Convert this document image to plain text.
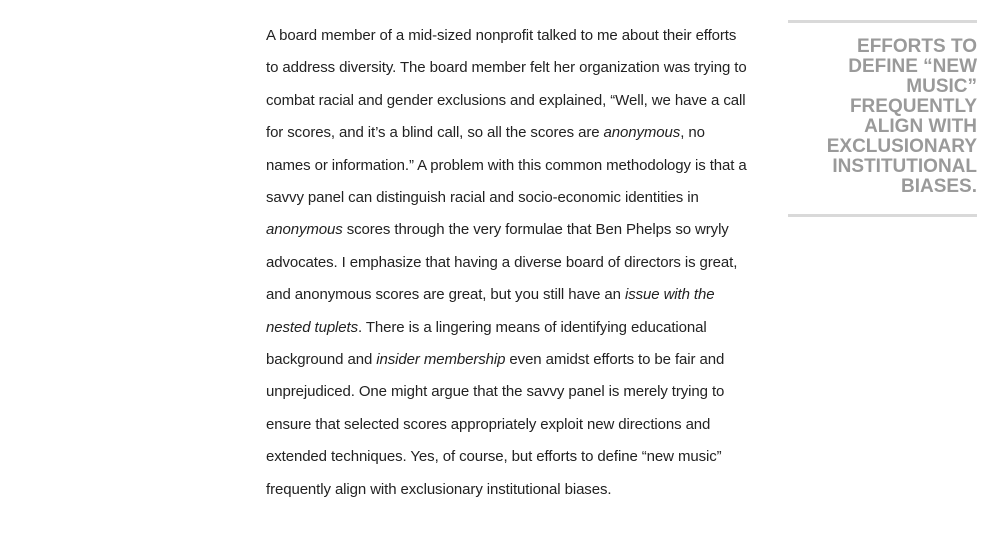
A board member of a mid-sized nonprofit talked to me about their efforts to address diversity. The board member felt her organization was trying to combat racial and gender exclusions and explained, “Well, we have a call for scores, and it’s a blind call, so all the scores are anonymous, no names or information.” A problem with this common methodology is that a savvy panel can distinguish racial and socio-economic identities in anonymous scores through the very formulae that Ben Phelps so wryly advocates. I emphasize that having a diverse board of directors is great, and anonymous scores are great, but you still have an issue with the nested tuplets. There is a lingering means of identifying educational background and insider membership even amidst efforts to be fair and unprejudiced. One might argue that the savvy panel is merely trying to ensure that selected scores appropriately exploit new directions and extended techniques. Yes, of course, but efforts to define “new music” frequently align with exclusionary institutional biases.

EFFORTS TO DEFINE “NEW MUSIC” FREQUENTLY ALIGN WITH EXCLUSIONARY INSTITUTIONAL BIASES.
